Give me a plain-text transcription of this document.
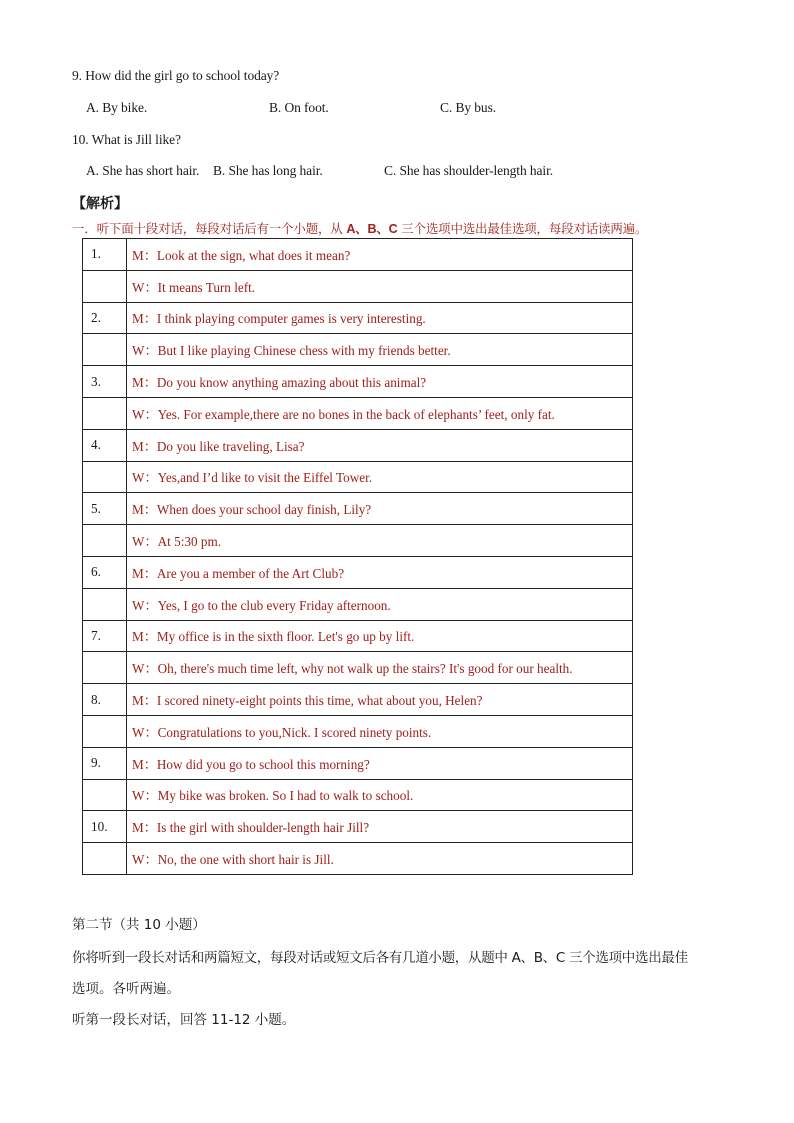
9. How did the girl go to school today?
A. By bike.	B. On foot.	C. By bus.
10. What is Jill like?
A. She has short hair. B. She has long hair.	C. She has shoulder-length hair.
【解析】
一．听下面十段对话，每段对话后有一个小题，从 A、B、C 三个选项中选出最佳选项，每段对话读两遍。
1.	M：Look at the sign, what does it mean?
	W：It means Turn left.
2.	M：I think playing computer games is very interesting.
	W：But I like playing Chinese chess with my friends better.
3.	M：Do you know anything amazing about this animal?
	W：Yes. For example,there are no bones in the back of elephants’ feet, only fat.
4.	M：Do you like traveling, Lisa?
	W：Yes,and I’d like to visit the Eiffel Tower.
5.	M：When does your school day finish, Lily?
	W：At 5:30 pm.
6.	M：Are you a member of the Art Club?
	W：Yes, I go to the club every Friday afternoon.
7.	M：My office is in the sixth floor. Let's go up by lift.
	W：Oh, there's much time left, why not walk up the stairs? It's good for our health.
8.	M：I scored ninety-eight points this time, what about you, Helen?
	W：Congratulations to you,Nick. I scored ninety points.
9.	M：How did you go to school this morning?
	W：My bike was broken. So I had to walk to school.
10.	M：Is the girl with shoulder-length hair Jill?
	W：No, the one with short hair is Jill.
第二节（共 10 小题）
你将听到一段长对话和两篇短文，每段对话或短文后各有几道小题，从题中 A、B、C 三个选项中选出最佳
选项。各听两遍。
听第一段长对话，回答 11-12 小题。
